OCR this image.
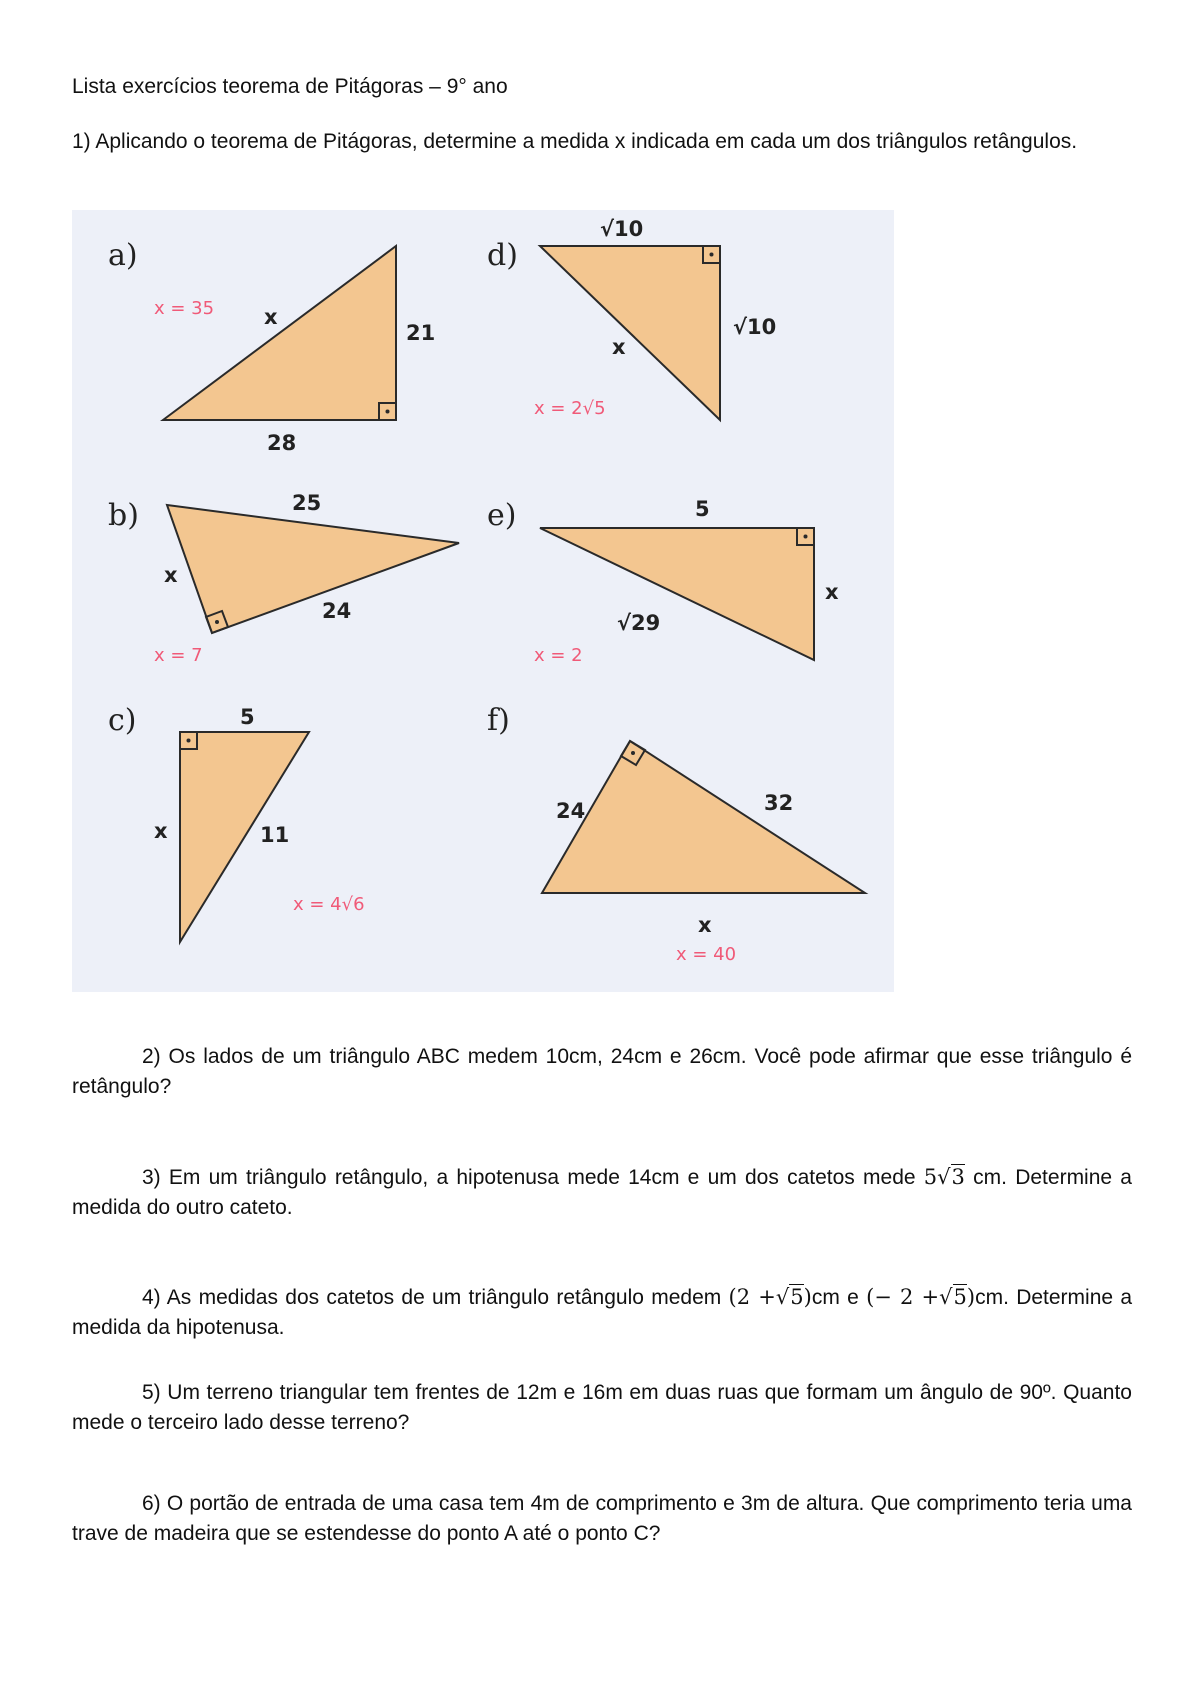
Lista exercícios teorema de Pitágoras – 9° ano
1) Aplicando o teorema de Pitágoras, determine a medida x indicada em cada um dos triângulos retângulos.
a)
x
21
28
x = 35
d)
√10
√10
x
x = 2√5
b)	25
x
24
x = 7
e)	5
x
√29
x = 2
c)	5
x	11
x = 4√6
f)
24	32
x
x = 40
2) Os lados de um triângulo ABC medem 10cm, 24cm e 26cm. Você pode afirmar que esse triângulo é retângulo?
3) Em um triângulo retângulo, a hipotenusa mede 14cm e um dos catetos mede 5√3 cm. Determine a medida do outro cateto.
4) As medidas dos catetos de um triângulo retângulo medem (2 +√5)cm e (− 2 +√5)cm. Determine a medida da hipotenusa.
5) Um terreno triangular tem frentes de 12m e 16m em duas ruas que formam um ângulo de 90º. Quanto mede o terceiro lado desse terreno?
6) O portão de entrada de uma casa tem 4m de comprimento e 3m de altura. Que comprimento teria uma trave de madeira que se estendesse do ponto A até o ponto C?
